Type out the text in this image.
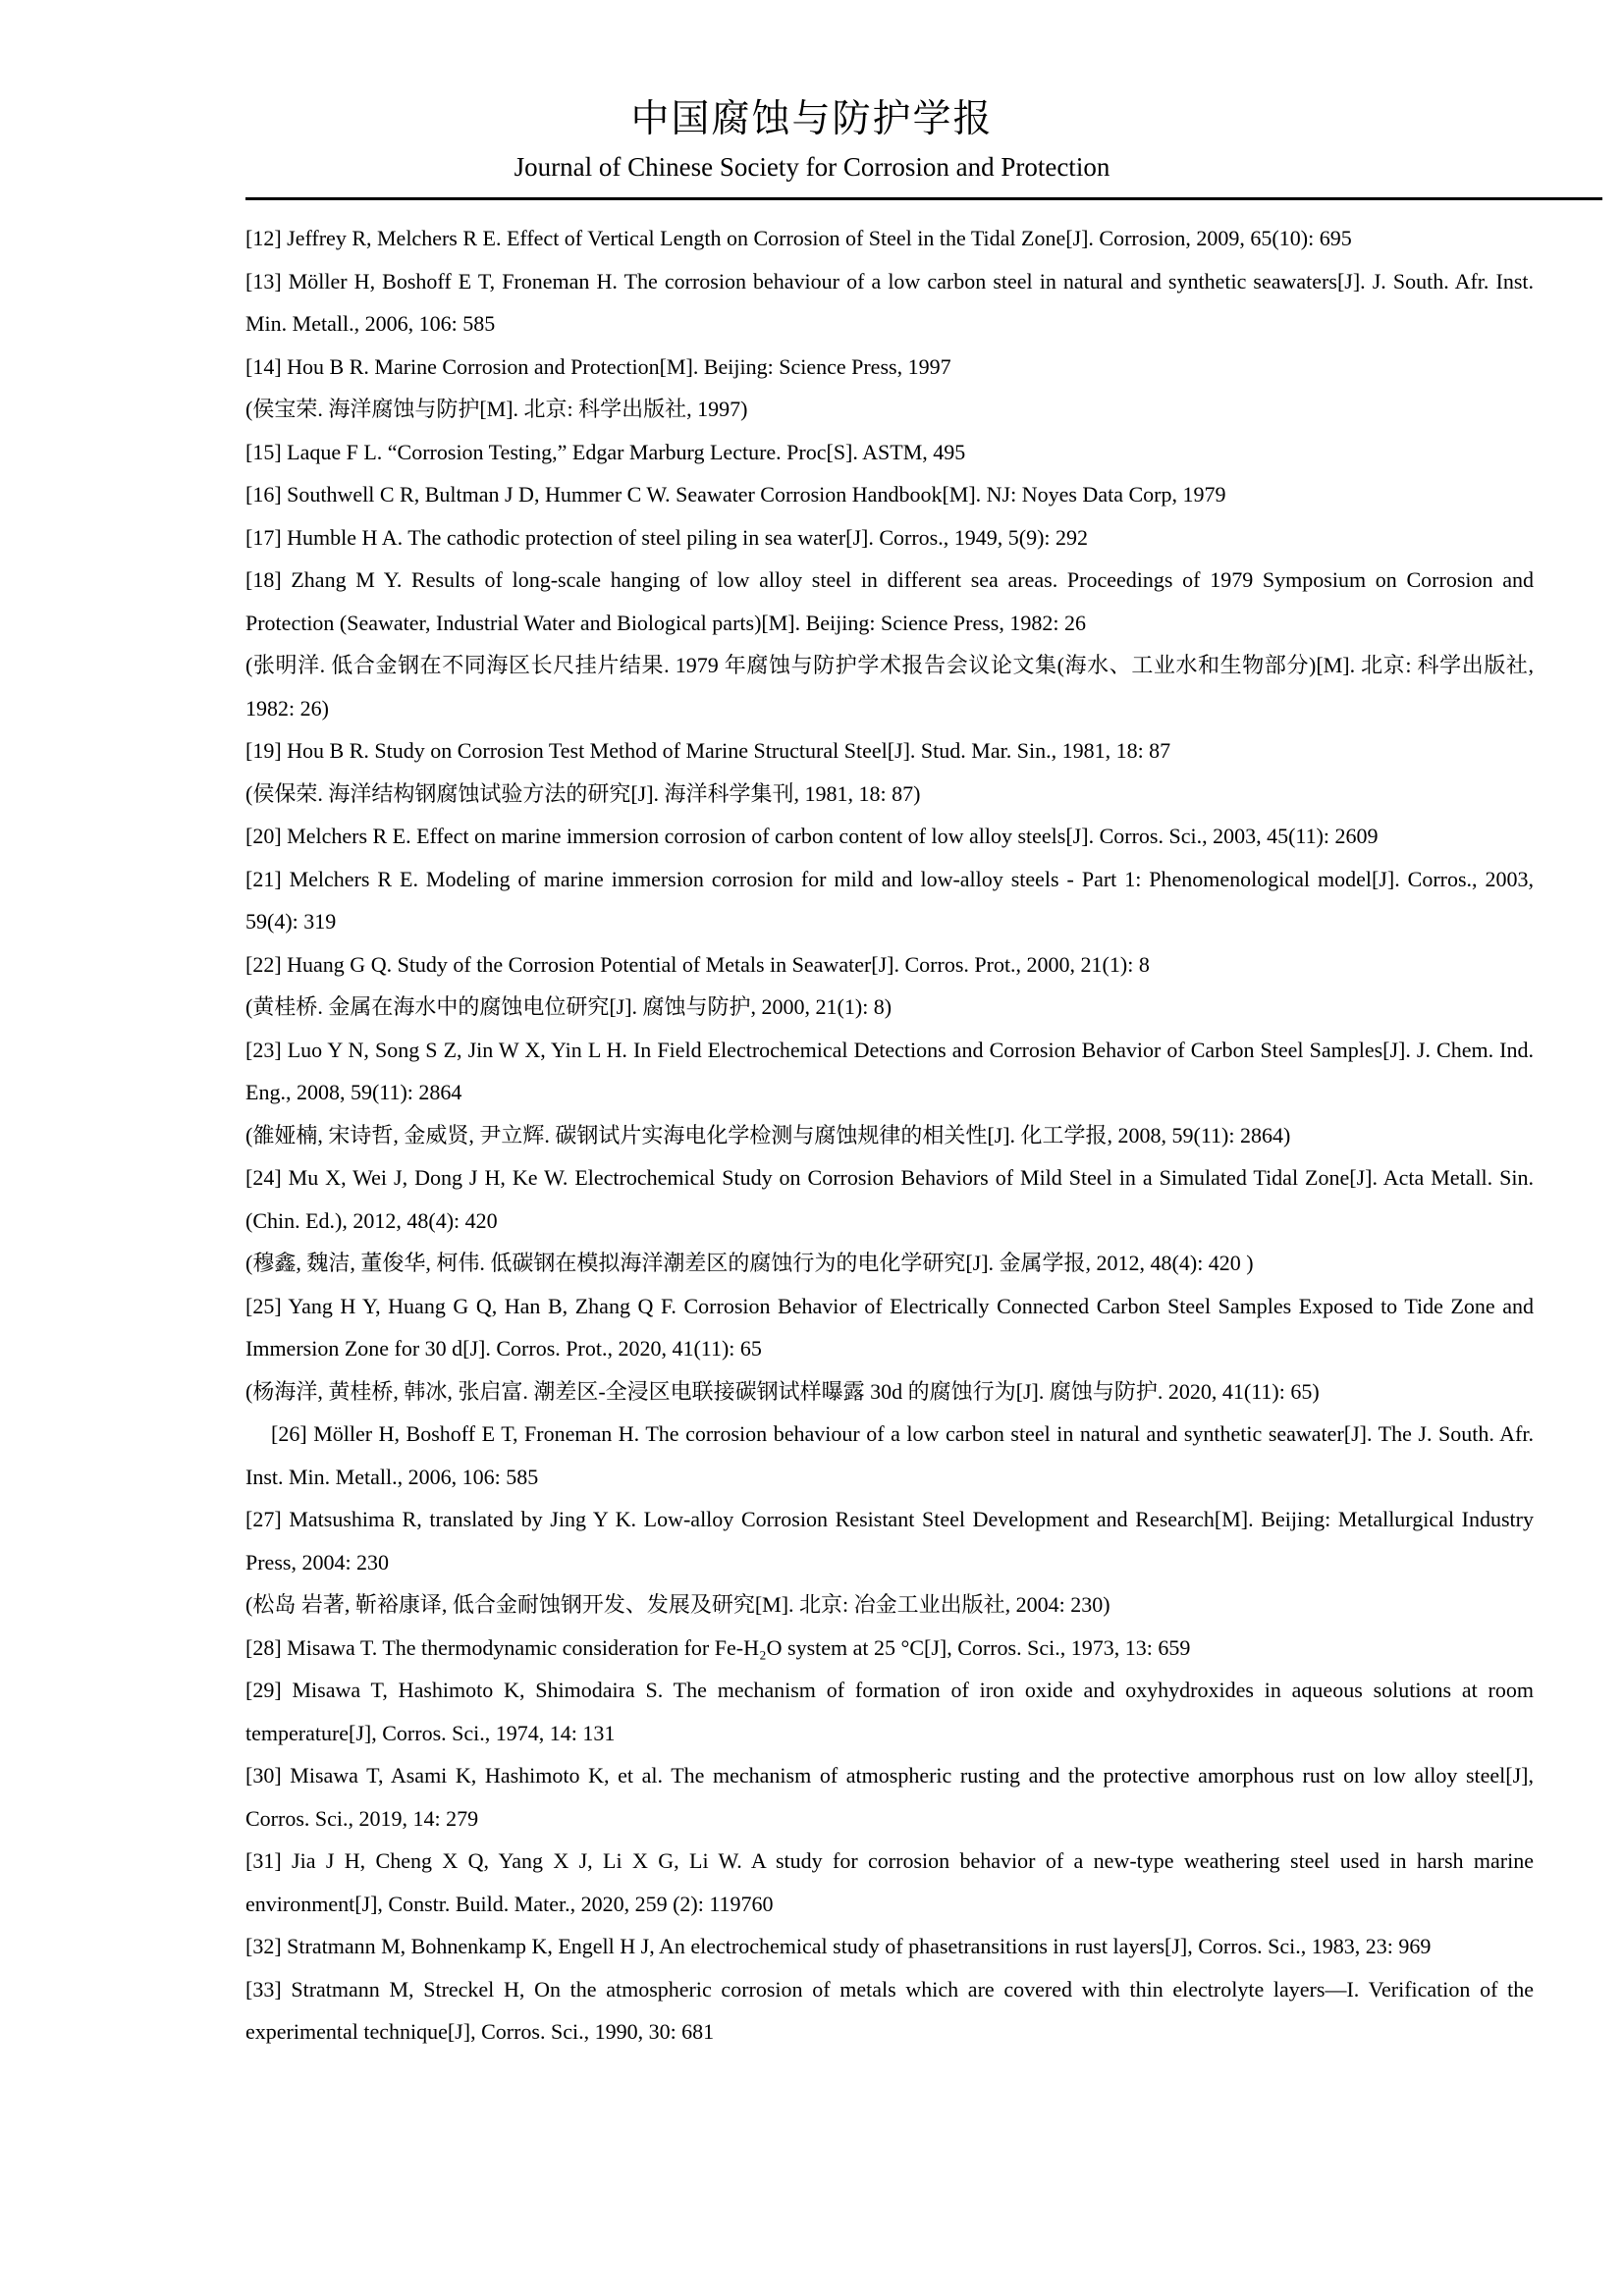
中国腐蚀与防护学报
Journal of Chinese Society for Corrosion and Protection

[12] Jeffrey R, Melchers R E. Effect of Vertical Length on Corrosion of Steel in the Tidal Zone[J]. Corrosion, 2009, 65(10): 695

[13] Möller H, Boshoff E T, Froneman H. The corrosion behaviour of a low carbon steel in natural and synthetic seawaters[J]. J. South. Afr. Inst. Min. Metall., 2006, 106: 585

[14] Hou B R. Marine Corrosion and Protection[M]. Beijing: Science Press, 1997

(侯宝荣. 海洋腐蚀与防护[M]. 北京: 科学出版社, 1997)

[15] Laque F L. “Corrosion Testing,” Edgar Marburg Lecture. Proc[S]. ASTM, 495

[16] Southwell C R, Bultman J D, Hummer C W. Seawater Corrosion Handbook[M]. NJ: Noyes Data Corp, 1979

[17] Humble H A. The cathodic protection of steel piling in sea water[J]. Corros., 1949, 5(9): 292

[18] Zhang M Y. Results of long-scale hanging of low alloy steel in different sea areas. Proceedings of 1979 Symposium on Corrosion and Protection (Seawater, Industrial Water and Biological parts)[M]. Beijing: Science Press, 1982: 26

(张明洋. 低合金钢在不同海区长尺挂片结果. 1979 年腐蚀与防护学术报告会议论文集(海水、工业水和生物部分)[M]. 北京: 科学出版社, 1982: 26)

[19] Hou B R. Study on Corrosion Test Method of Marine Structural Steel[J]. Stud. Mar. Sin., 1981, 18: 87

(侯保荣. 海洋结构钢腐蚀试验方法的研究[J]. 海洋科学集刊, 1981, 18: 87)

[20] Melchers R E. Effect on marine immersion corrosion of carbon content of low alloy steels[J]. Corros. Sci., 2003, 45(11): 2609

[21] Melchers R E. Modeling of marine immersion corrosion for mild and low-alloy steels - Part 1: Phenomenological model[J]. Corros., 2003, 59(4): 319

[22] Huang G Q. Study of the Corrosion Potential of Metals in Seawater[J]. Corros. Prot., 2000, 21(1): 8

(黄桂桥. 金属在海水中的腐蚀电位研究[J]. 腐蚀与防护, 2000, 21(1): 8)

[23] Luo Y N, Song S Z, Jin W X, Yin L H. In Field Electrochemical Detections and Corrosion Behavior of Carbon Steel Samples[J]. J. Chem. Ind. Eng., 2008, 59(11): 2864

(雒娅楠, 宋诗哲, 金威贤, 尹立辉. 碳钢试片实海电化学检测与腐蚀规律的相关性[J]. 化工学报, 2008, 59(11): 2864)

[24] Mu X, Wei J, Dong J H, Ke W. Electrochemical Study on Corrosion Behaviors of Mild Steel in a Simulated Tidal Zone[J]. Acta Metall. Sin. (Chin. Ed.), 2012, 48(4): 420

(穆鑫, 魏洁, 董俊华, 柯伟. 低碳钢在模拟海洋潮差区的腐蚀行为的电化学研究[J]. 金属学报, 2012, 48(4): 420 )

[25] Yang H Y, Huang G Q, Han B, Zhang Q F. Corrosion Behavior of Electrically Connected Carbon Steel Samples Exposed to Tide Zone and Immersion Zone for 30 d[J]. Corros. Prot., 2020, 41(11): 65

(杨海洋, 黄桂桥, 韩冰, 张启富. 潮差区-全浸区电联接碳钢试样曝露 30d 的腐蚀行为[J]. 腐蚀与防护. 2020, 41(11): 65)

[26] Möller H, Boshoff E T, Froneman H. The corrosion behaviour of a low carbon steel in natural and synthetic seawater[J]. The J. South. Afr. Inst. Min. Metall., 2006, 106: 585

[27] Matsushima R, translated by Jing Y K. Low-alloy Corrosion Resistant Steel Development and Research[M]. Beijing: Metallurgical Industry Press, 2004: 230

(松岛 岩著, 靳裕康译, 低合金耐蚀钢开发、发展及研究[M]. 北京: 冶金工业出版社, 2004: 230)

[28] Misawa T. The thermodynamic consideration for Fe-H₂O system at 25 °C[J], Corros. Sci., 1973, 13: 659

[29] Misawa T, Hashimoto K, Shimodaira S. The mechanism of formation of iron oxide and oxyhydroxides in aqueous solutions at room temperature[J], Corros. Sci., 1974, 14: 131

[30] Misawa T, Asami K, Hashimoto K, et al. The mechanism of atmospheric rusting and the protective amorphous rust on low alloy steel[J], Corros. Sci., 2019, 14: 279

[31] Jia J H, Cheng X Q, Yang X J, Li X G, Li W. A study for corrosion behavior of a new-type weathering steel used in harsh marine environment[J], Constr. Build. Mater., 2020, 259 (2): 119760

[32] Stratmann M, Bohnenkamp K, Engell H J, An electrochemical study of phasetransitions in rust layers[J], Corros. Sci., 1983, 23: 969

[33] Stratmann M, Streckel H, On the atmospheric corrosion of metals which are covered with thin electrolyte layers—I. Verification of the experimental technique[J], Corros. Sci., 1990, 30: 681
